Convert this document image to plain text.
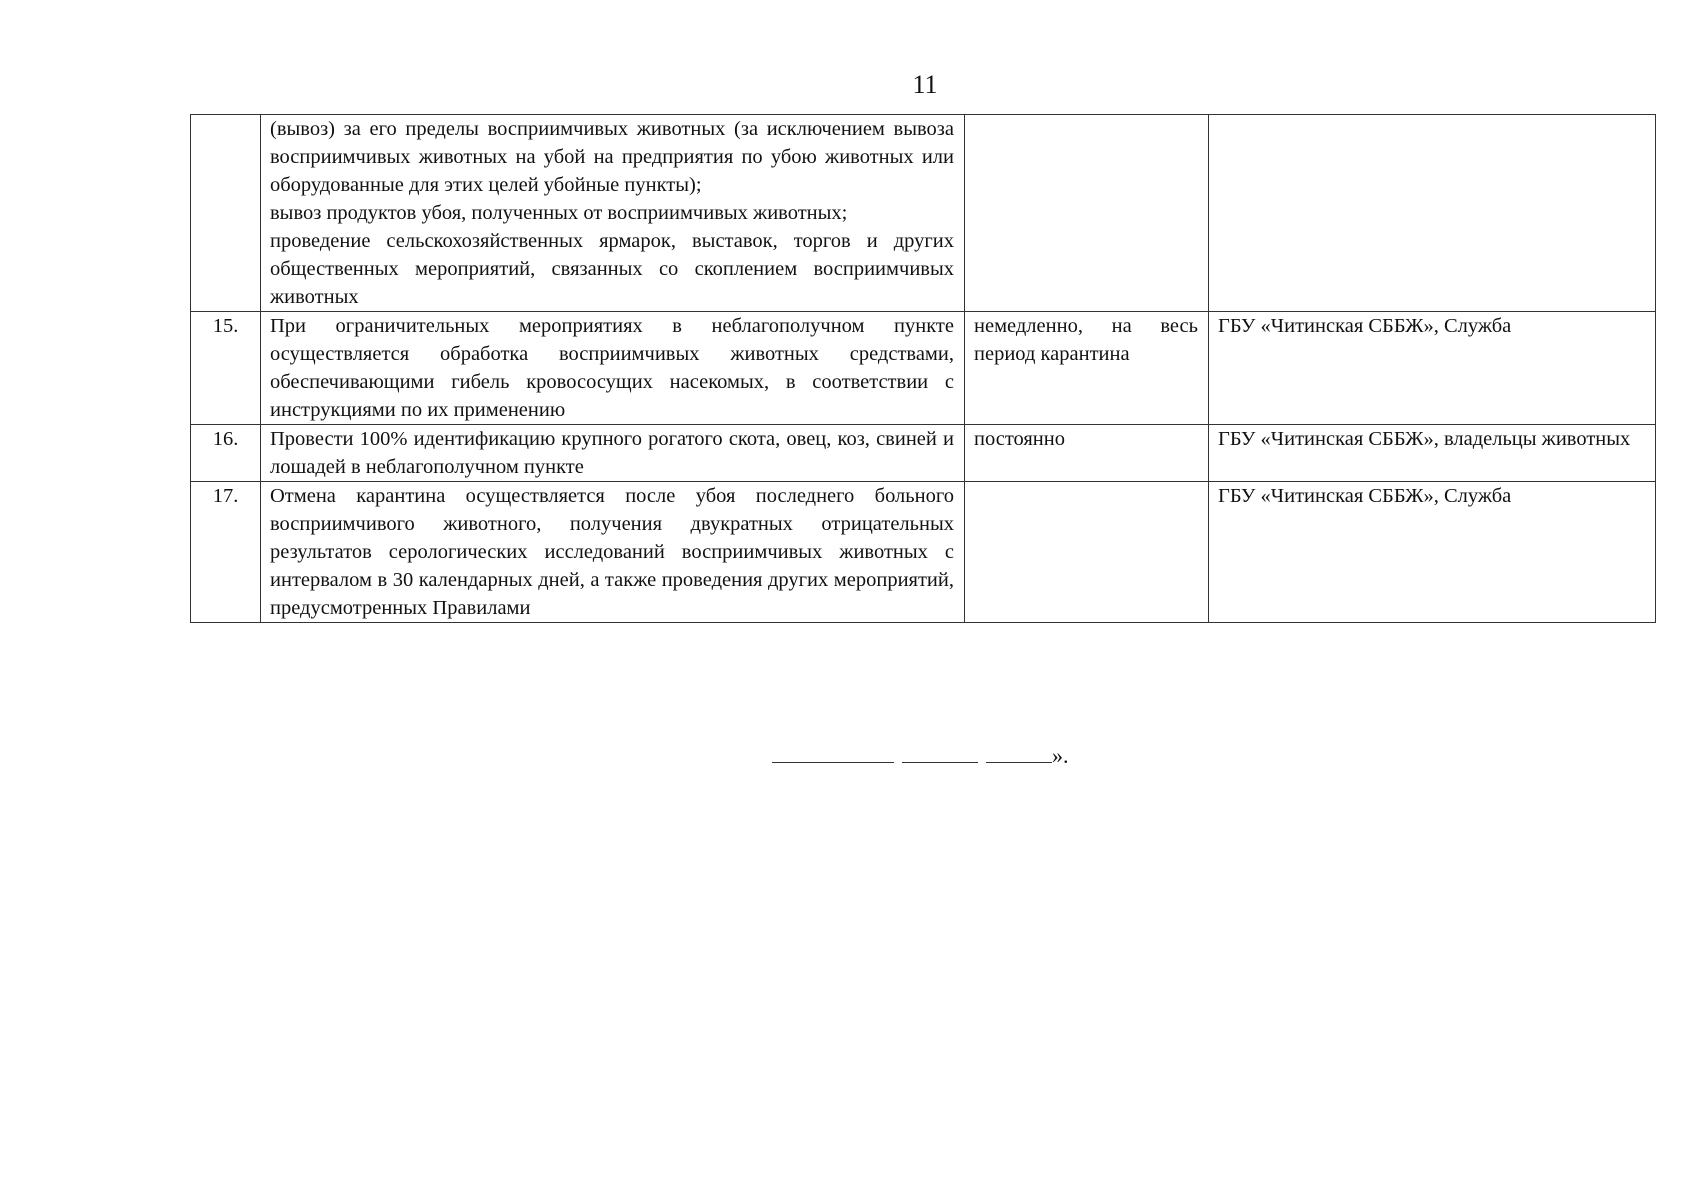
11

	(вывоз) за его пределы восприимчивых животных (за исключением вывоза восприимчивых животных на убой на предприятия по убою животных или оборудованные для этих целей убойные пункты);
вывоз продуктов убоя, полученных от восприимчивых животных;
проведение сельскохозяйственных ярмарок, выставок, торгов и других общественных мероприятий, связанных со скоплением восприимчивых животных		

15.	При ограничительных мероприятиях в неблагополучном пункте осуществляется обработка восприимчивых животных средствами, обеспечивающими гибель кровососущих насекомых, в соответствии с инструкциями по их применению	немедленно, на весь период карантина	ГБУ «Читинская СББЖ», Служба
16.	Провести 100% идентификацию крупного рогатого скота, овец, коз, свиней и лошадей в неблагополучном пункте	постоянно	ГБУ «Читинская СББЖ», владельцы животных
17.	Отмена карантина осуществляется после убоя последнего больного восприимчивого животного, получения двукратных отрицательных результатов серологических исследований восприимчивых животных с интервалом в 30 календарных дней, а также проведения других мероприятий, предусмотренных Правилами		ГБУ «Читинская СББЖ», Служба
».
